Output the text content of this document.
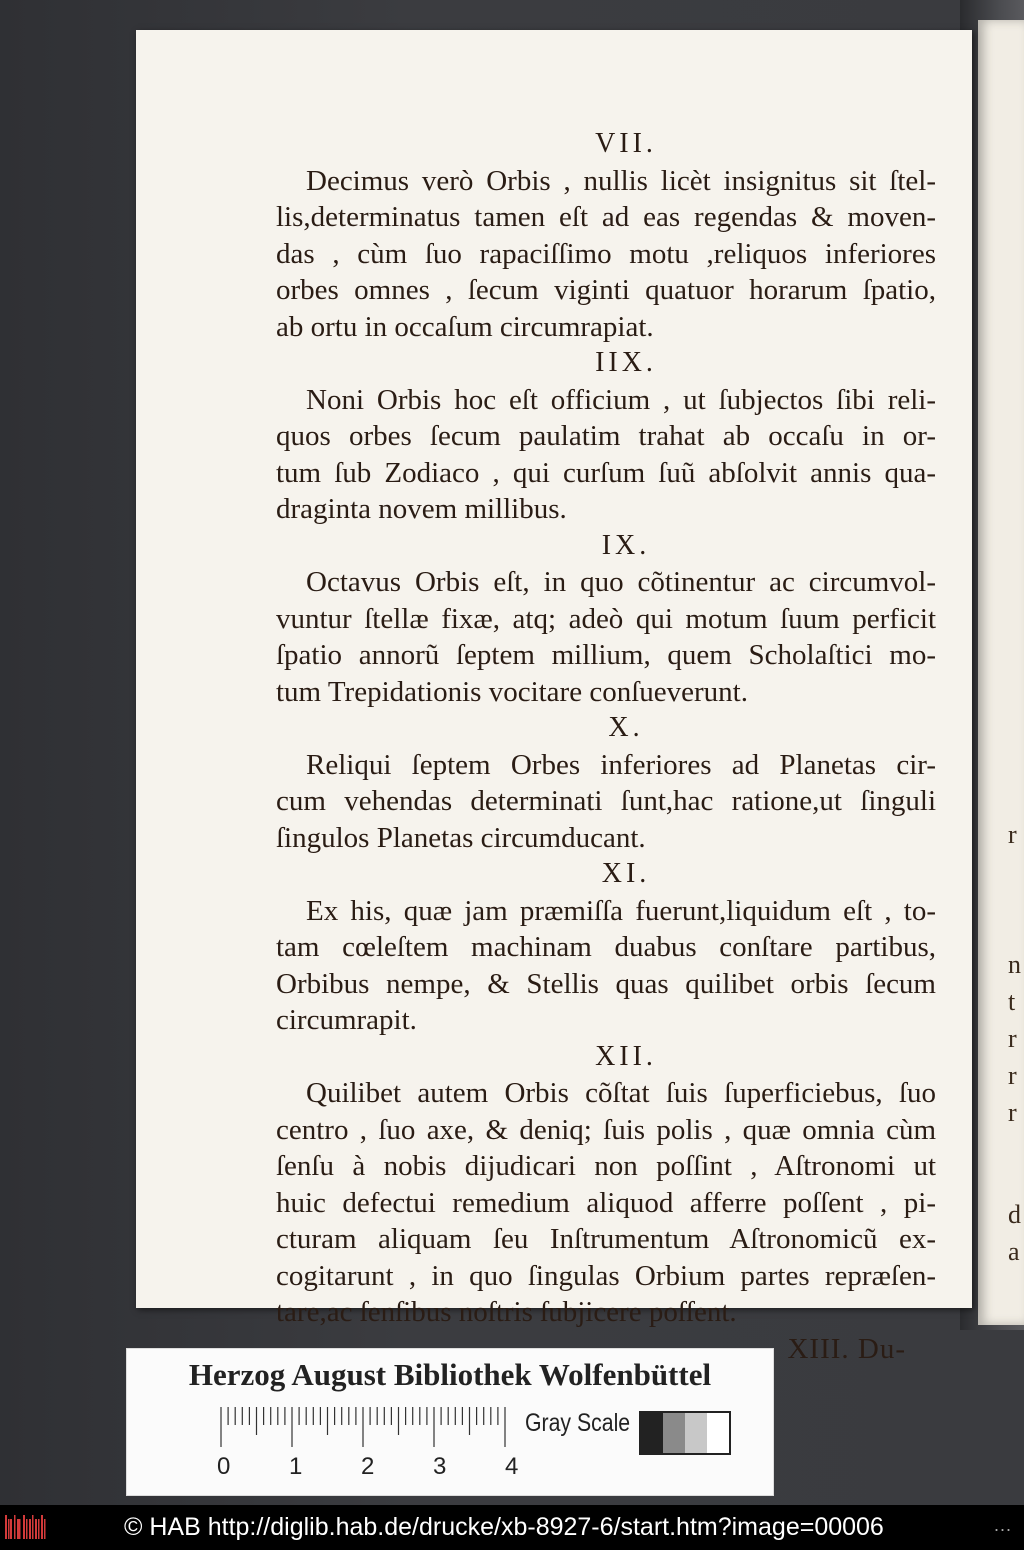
r
n
t
r
r
r
d
a
VII.
Decimus verò Orbis , nullis licèt insignitus sit ſtel-
lis,determinatus tamen eſt ad eas regendas & moven-
das , cùm ſuo rapaciſſimo motu ,reliquos inferiores
orbes omnes , ſecum viginti quatuor horarum ſpatio,
ab ortu in occaſum circumrapiat.
IIX.
Noni Orbis hoc eſt officium , ut ſubjectos ſibi reli-
quos orbes ſecum paulatim trahat ab occaſu in or-
tum ſub Zodiaco , qui curſum ſuũ abſolvit annis qua-
draginta novem millibus.
IX.
Octavus Orbis eſt, in quo cõtinentur ac circumvol-
vuntur ſtellæ fixæ, atq; adeò qui motum ſuum perficit
ſpatio annorũ ſeptem millium, quem Scholaſtici mo-
tum Trepidationis vocitare conſueverunt.
X.
Reliqui ſeptem Orbes inferiores ad Planetas cir-
cum vehendas determinati ſunt,hac ratione,ut ſinguli
ſingulos Planetas circumducant.
XI.
Ex his, quæ jam præmiſſa fuerunt,liquidum eſt , to-
tam cœleſtem machinam duabus conſtare partibus,
Orbibus nempe, & Stellis quas quilibet orbis ſecum
circumrapit.
XII.
Quilibet autem Orbis cõſtat ſuis ſuperficiebus, ſuo
centro , ſuo axe, & deniq; ſuis polis , quæ omnia cùm
ſenſu à nobis dijudicari non poſſint , Aſtronomi ut
huic defectui remedium aliquod afferre poſſent , pi-
cturam aliquam ſeu Inſtrumentum Aſtronomicũ ex-
cogitarunt , in quo ſingulas Orbium partes repræſen-
tare,ac ſenſibus noſtris ſubjicere poſſent.
XIII. Du-
Herzog August Bibliothek Wolfenbüttel
0 1 2 3 4
Gray Scale
© HAB http://diglib.hab.de/drucke/xb-8927-6/start.htm?image=00006	...
